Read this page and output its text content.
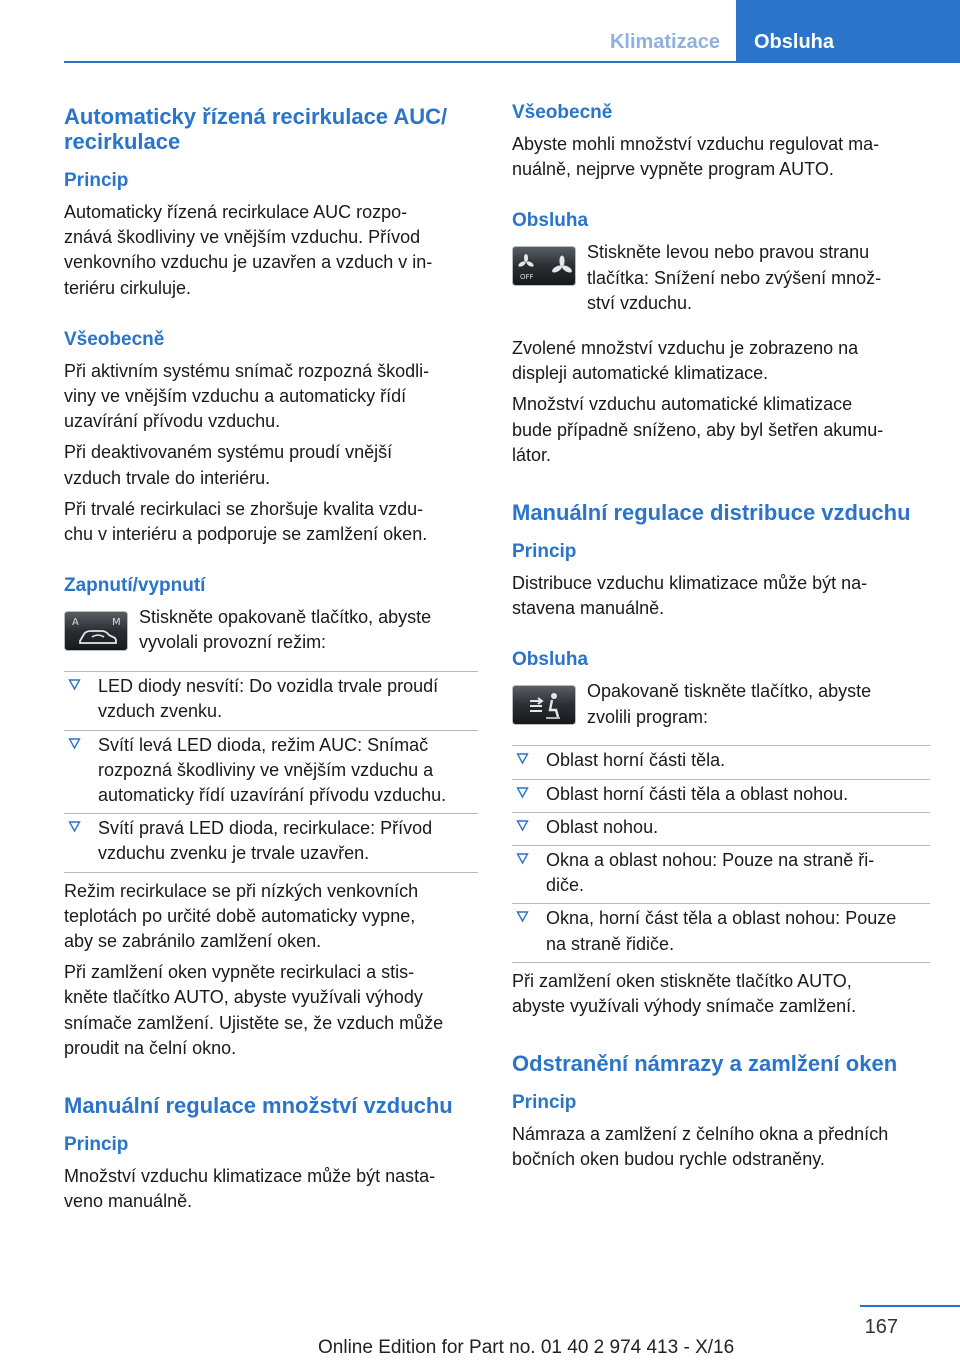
Klimatizace	Obsluha
Automaticky řízená recirkulace AUC/
recirkulace
Princip

Automaticky řízená recirkulace AUC rozpo‐
znává škodliviny ve vnějším vzduchu. Přívod
venkovního vzduchu je uzavřen a vzduch v in‐
teriéru cirkuluje.

Všeobecně

Při aktivním systému snímač rozpozná škodli‐
viny ve vnějším vzduchu a automaticky řídí
uzavírání přívodu vzduchu.

Při deaktivovaném systému proudí vnější
vzduch trvale do interiéru.

Při trvalé recirkulaci se zhoršuje kvalita vzdu‐
chu v interiéru a podporuje se zamlžení oken.

Zapnutí/vypnutí
A	M Stiskněte opakovaně tlačítko, abyste
vyvolali provozní režim:

LED diody nesvítí: Do vozidla trvale proudí
vzduch zvenku.
Svítí levá LED dioda, režim AUC: Snímač
rozpozná škodliviny ve vnějším vzduchu a
automaticky řídí uzavírání přívodu vzduchu.
Svítí pravá LED dioda, recirkulace: Přívod
vzduchu zvenku je trvale uzavřen.

Režim recirkulace se při nízkých venkovních
teplotách po určité době automaticky vypne,
aby se zabránilo zamlžení oken.

Při zamlžení oken vypněte recirkulaci a stis‐
kněte tlačítko AUTO, abyste využívali výhody
snímače zamlžení. Ujistěte se, že vzduch může
proudit na čelní okno.

Manuální regulace množství vzduchu
Princip

Množství vzduchu klimatizace může být nasta‐
veno manuálně.

Všeobecně

Abyste mohli množství vzduchu regulovat ma‐
nuálně, nejprve vypněte program AUTO.

Obsluha
OFF

Stiskněte levou nebo pravou stranu
tlačítka: Snížení nebo zvýšení množ‐
ství vzduchu.

Zvolené množství vzduchu je zobrazeno na
displeji automatické klimatizace.

Množství vzduchu automatické klimatizace
bude případně sníženo, aby byl šetřen akumu‐
látor.

Manuální regulace distribuce vzduchu
Princip

Distribuce vzduchu klimatizace může být na‐
stavena manuálně.

Obsluha

Opakovaně tiskněte tlačítko, abyste
zvolili program:

Oblast horní části těla.
Oblast horní části těla a oblast nohou.
Oblast nohou.
Okna a oblast nohou: Pouze na straně ři‐
diče.
Okna, horní část těla a oblast nohou: Pouze
na straně řidiče.

Při zamlžení oken stiskněte tlačítko AUTO,
abyste využívali výhody snímače zamlžení.

Odstranění námrazy a zamlžení oken
Princip

Námraza a zamlžení z čelního okna a předních
bočních oken budou rychle odstraněny.

167
Online Edition for Part no. 01 40 2 974 413 - X/16
